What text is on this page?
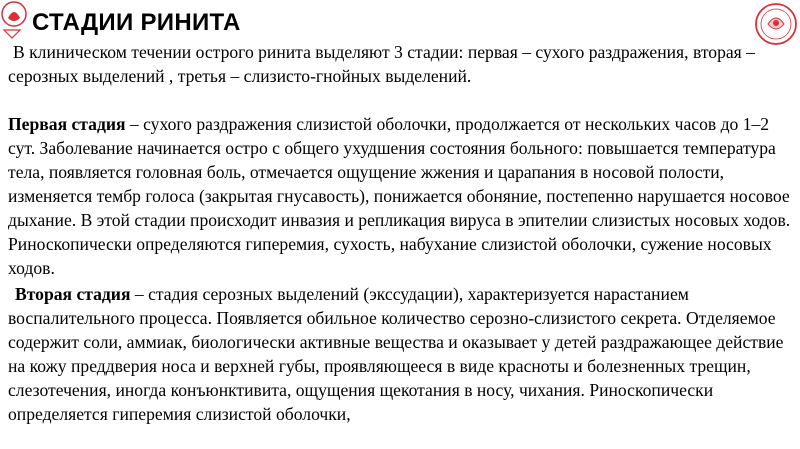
СТАДИИ РИНИТА

В клиническом течении острого ринита выделяют 3 стадии: первая – сухого раздражения, вторая – серозных выделений , третья – слизисто-гнойных выделений.

Первая стадия – сухого раздражения слизистой оболочки, продолжается от нескольких часов до 1–2 сут. Заболевание начинается остро с общего ухудшения состояния больного: повышается температура тела, появляется головная боль, отмечается ощущение жжения и царапания в носовой полости, изменяется тембр голоса (закрытая гнусавость), понижается обоняние, постепенно нарушается носовое дыхание. В этой стадии происходит инвазия и репликация вируса в эпителии слизистых носовых ходов. Риноскопически определяются гиперемия, сухость, набухание слизистой оболочки, сужение носовых ходов.

Вторая стадия – стадия серозных выделений (экссудации), характеризуется нарастанием воспалительного процесса. Появляется обильное количество серозно-слизистого секрета. Отделяемое содержит соли, аммиак, биологически активные вещества и оказывает у детей раздражающее действие на кожу преддверия носа и верхней губы, проявляющееся в виде красноты и болезненных трещин, слезотечения, иногда конъюнктивита, ощущения щекотания в носу, чихания. Риноскопически определяется гиперемия слизистой оболочки,
